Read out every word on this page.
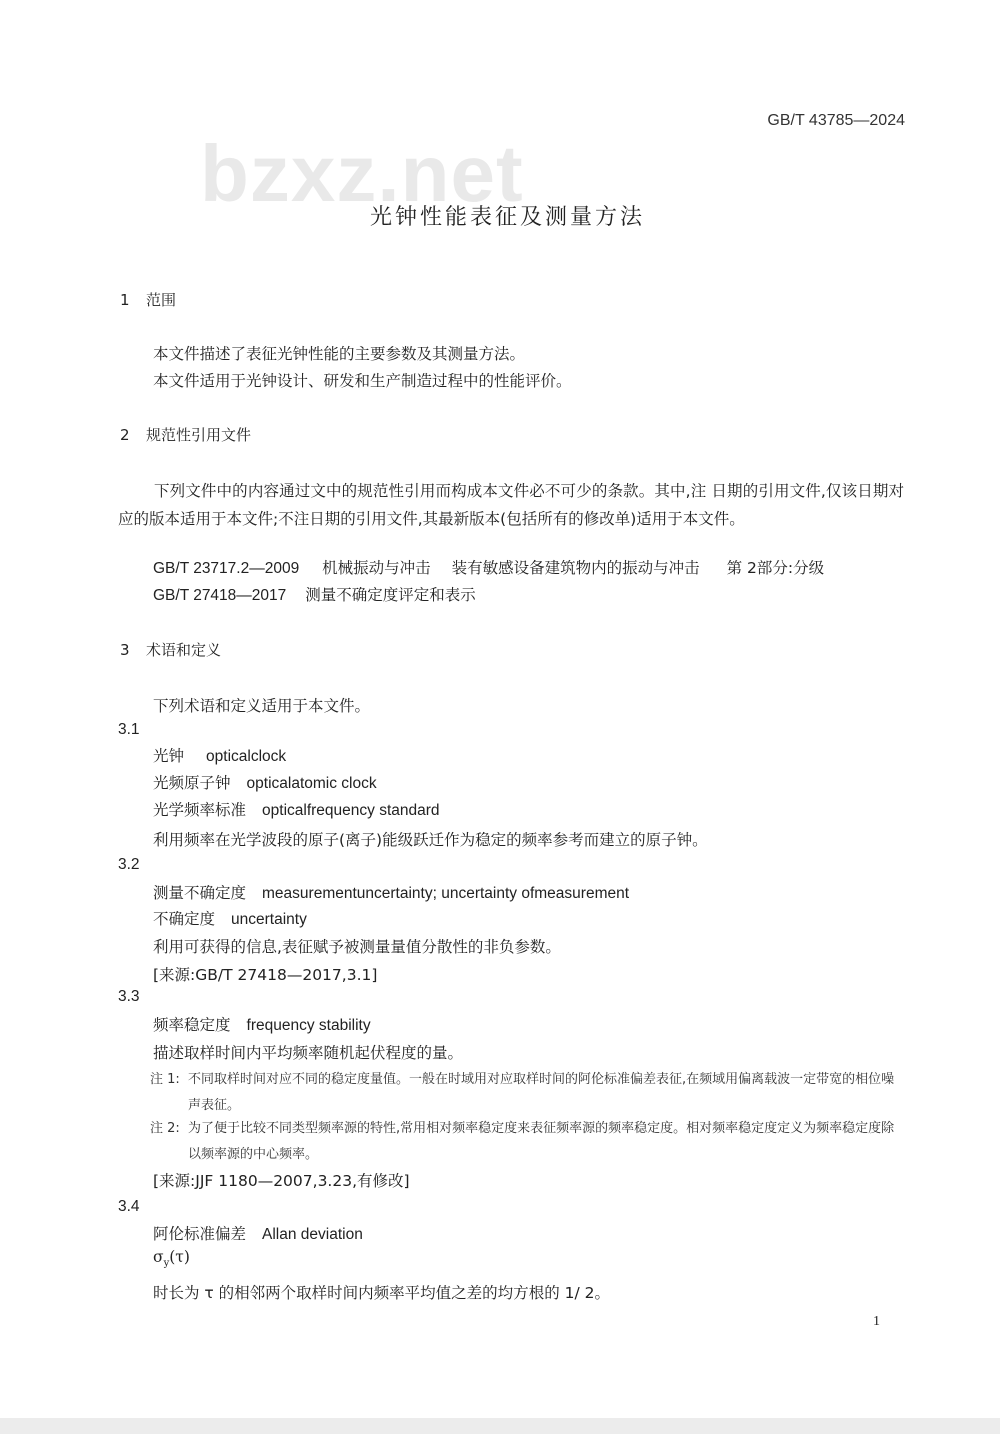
bzxz.net
GB/T 43785—2024
光钟性能表征及测量方法
1 范围
本文件描述了表征光钟性能的主要参数及其测量方法。
本文件适用于光钟设计、研发和生产制造过程中的性能评价。
2 规范性引用文件
下列文件中的内容通过文中的规范性引用而构成本文件必不可少的条款。其中,注 日期的引用文件,仅该日期对应的版本适用于本文件;不注日期的引用文件,其最新版本(包括所有的修改单)适用于本文件。
GB/T 23717.2—2009 机械振动与冲击 装有敏感设备建筑物内的振动与冲击 第 2部分:分级
GB/T 27418—2017 测量不确定度评定和表示
3 术语和定义
下列术语和定义适用于本文件。
3.1
光钟 opticalclock
光频原子钟 opticalatomic clock
光学频率标准 opticalfrequency standard
利用频率在光学波段的原子(离子)能级跃迁作为稳定的频率参考而建立的原子钟。
3.2
测量不确定度 measurementuncertainty; uncertainty ofmeasurement
不确定度 uncertainty
利用可获得的信息,表征赋予被测量量值分散性的非负参数。
[来源:GB/T 27418—2017,3.1]
3.3
频率稳定度 frequency stability
描述取样时间内平均频率随机起伏程度的量。
注 1: 不同取样时间对应不同的稳定度量值。一般在时域用对应取样时间的阿伦标准偏差表征,在频域用偏离载波一定带宽的相位噪声表征。
注 2: 为了便于比较不同类型频率源的特性,常用相对频率稳定度来表征频率源的频率稳定度。相对频率稳定度定义为频率稳定度除以频率源的中心频率。
[来源:JJF 1180—2007,3.23,有修改]
3.4
阿伦标准偏差 Allan deviation
$\sigma_y(\tau)$
时长为 τ 的相邻两个取样时间内频率平均值之差的均方根的 1/ 2。
1
